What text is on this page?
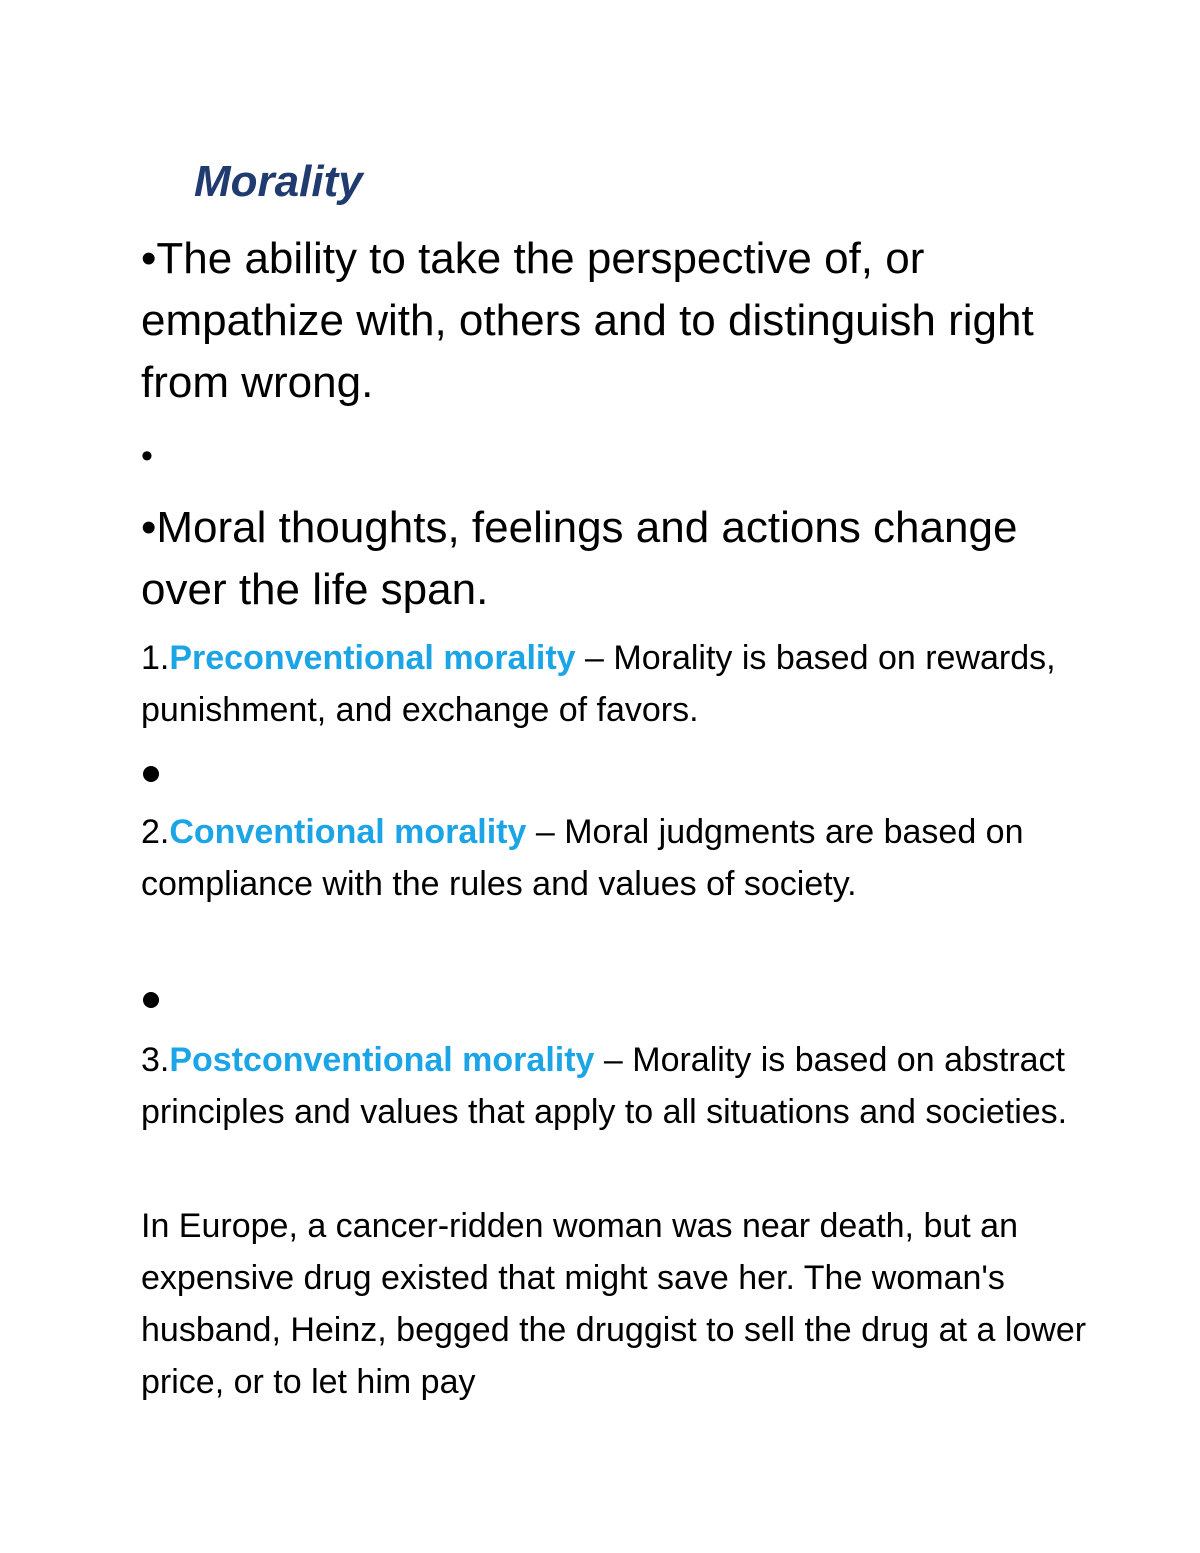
Morality

•The ability to take the perspective of, or empathize with, others and to distinguish right from wrong.

•

•Moral thoughts, feelings and actions change over the life span.

1.Preconventional morality – Morality is based on rewards, punishment, and exchange of favors.

2.Conventional morality – Moral judgments are based on compliance with the rules and values of society.

3.Postconventional morality – Morality is based on abstract principles and values that apply to all situations and societies.

In Europe, a cancer-ridden woman was near death, but an expensive drug existed that might save her. The woman's husband, Heinz, begged the druggist to sell the drug at a lower price, or to let him pay
